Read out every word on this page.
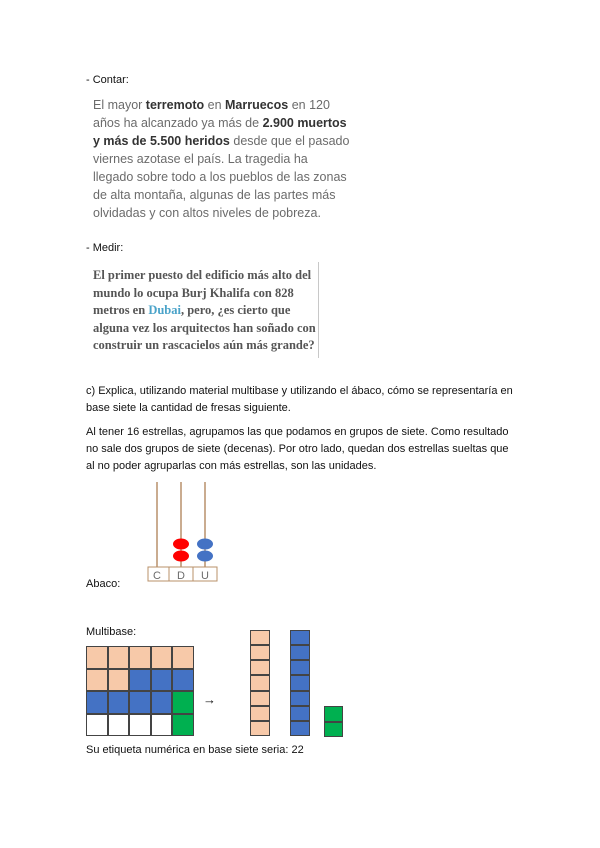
- Contar:
El mayor terremoto en Marruecos en 120 años ha alcanzado ya más de 2.900 muertos y más de 5.500 heridos desde que el pasado viernes azotase el país. La tragedia ha llegado sobre todo a los pueblos de las zonas de alta montaña, algunas de las partes más olvidadas y con altos niveles de pobreza.
- Medir:
El primer puesto del edificio más alto del mundo lo ocupa Burj Khalifa con 828 metros en Dubai, pero, ¿es cierto que alguna vez los arquitectos han soñado con construir un rascacielos aún más grande?
c) Explica, utilizando material multibase y utilizando el ábaco, cómo se representaría en base siete la cantidad de fresas siguiente.
Al tener 16 estrellas, agrupamos las que podamos en grupos de siete. Como resultado no sale dos grupos de siete (decenas). Por otro lado, quedan dos estrellas sueltas que al no poder agruparlas con más estrellas, son las unidades.
Abaco:
C D U
Multibase:
→
Su etiqueta numérica en base siete seria: 22
